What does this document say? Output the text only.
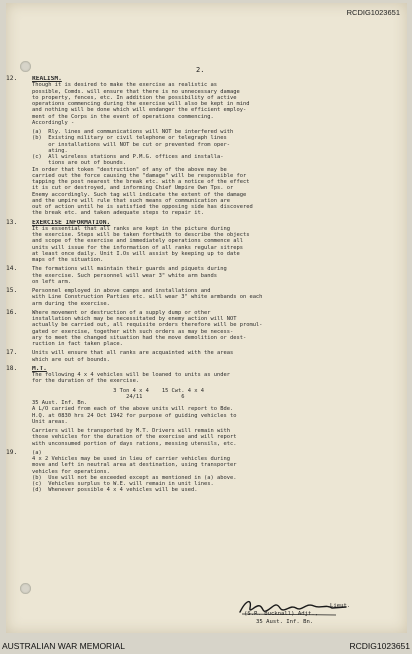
RCDIG1023651
2.
12. REALISM.
Though it is desired to make the exercise as realistic as
possible, Comds. will ensure that there is no unnecessary damage
to property, fences, etc. In addition the possibility of active
operations commencing during the exercise will also be kept in mind
and nothing will be done which will endanger the efficient employ-
ment of the Corps in the event of operations commencing.
Accordingly -
(a)  Rly. lines and communications will NOT be interfered with
(b)  Existing military or civil telephone or telegraph lines
or installations will NOT be cut or prevented from oper-
ating.
(c)  All wireless stations and P.M.G. offices and installa-
tions are out of bounds.
In order that token "destruction" of any of the above may be
carried out the force causing the "damage" will be responsible for
tapping the post nearest the break etc. with a notice of the effect
it is cut or destroyed, and informing Chief Umpire Own Tps. or
Enemy accordingly. Such tag will indicate the extent of the damage
and the umpire will rule that such means of communication are
out of action until he is satisfied the opposing side has discovered
the break etc. and taken adequate steps to repair it.
13. EXERCISE INFORMATION.
It is essential that all ranks are kept in the picture during
the exercise. Steps will be taken forthwith to describe the objects
and scope of the exercise and immediately operations commence all
units will issue for the information of all ranks regular sitreps
at least once daily. Unit I.Os will assist by keeping up to date
maps of the situation.
14.	The formations will maintain their guards and piquets during
the exercise. Such personnel will wear 3" white arm bands
on left arm.
15.	Personnel employed in above camps and installations and
with Line Construction Parties etc. will wear 3" white armbands on each
arm during the exercise.
16.	Where movement or destruction of a supply dump or other
installation which may be necessitated by enemy action will NOT
actually be carried out, all requisite orders therefore will be promul-
gated or exercise, together with such orders as may be necess-
ary to meet the changed situation had the move demolition or dest-
ruction in fact taken place.
17.	Units will ensure that all ranks are acquainted with the areas
which are out of bounds.
18. M.T.
The following 4 x 4 vehicles will be loaned to units as under
for the duration of the exercise.
3 Ton 4 x 4    15 Cwt. 4 x 4
24/11            6
35 Aust. Inf. Bn.
A L/O carried from each of the above units will report to Bde.
H.Q. at 0830 hrs 24 Oct 1942 for purpose of guiding vehicles to
Unit areas.
Carriers will be transported by M.T. Drivers will remain with
those vehicles for the duration of the exercise and will report
with unconsumed portion of days rations, messing utensils, etc.
19.	(a)
4 x 2 Vehicles may be used in lieu of carrier vehicles during
move and left in neutral area at destination, using transporter
vehicles for operations.
(b)  Use will not be exceeded except as mentioned in (a) above.
(c)  Vehicles surplus to W.E. will remain in unit lines.
(d)  Whenever possible 4 x 4 vehicles will be used.
Lieut.
(S.R. Bucknall) Adjt.,
35 Aust. Inf. Bn.
AUSTRALIAN WAR MEMORIAL	RCDIG1023651
